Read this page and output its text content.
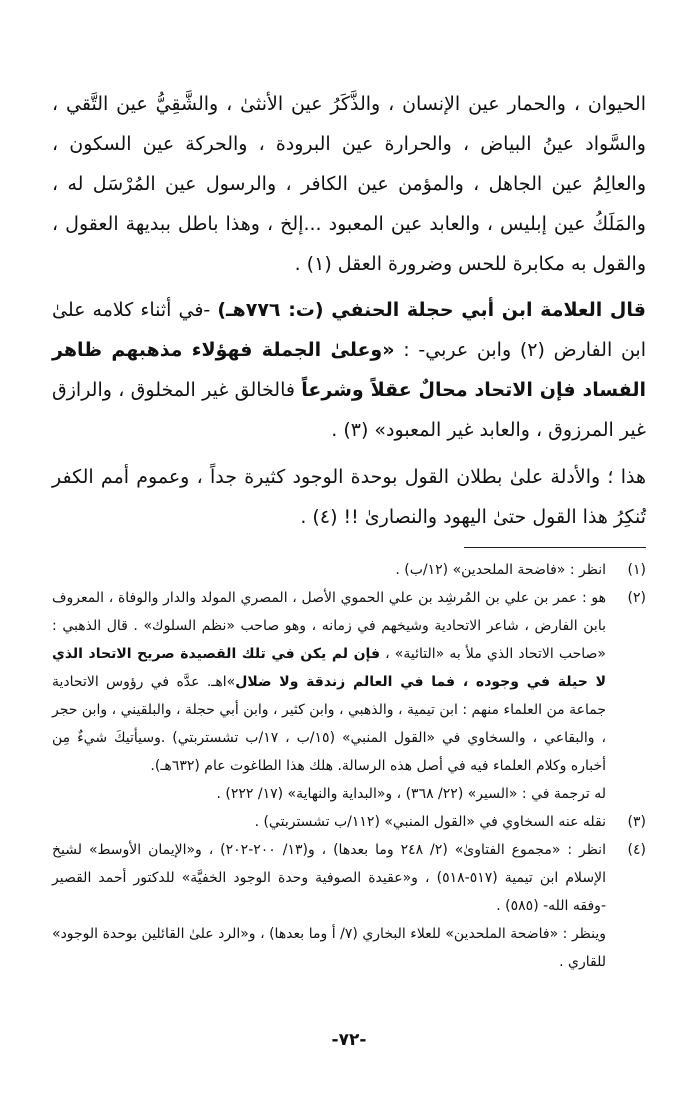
الحيوان ، والحمار عين الإنسان ، والذَّكَرُ عين الأنثىٰ ، والشَّقِيُّ عين التَّقي ، والسَّواد عينُ البياض ، والحرارة عين البرودة ، والحركة عين السكون ، والعالِمُ عين الجاهل ، والمؤمن عين الكافر ، والرسول عين المُرْسَل له ، والمَلَكُ عين إبليس ، والعابد عين المعبود ...إلخ ، وهذا باطل ببديهة العقول ، والقول به مكابرة للحس وضرورة العقل (١) .

قال العلامة ابن أبي حجلة الحنفي (ت: ٧٧٦هـ) -في أثناء كلامه علىٰ ابن الفارض (٢) وابن عربي- : «وعلىٰ الجملة فهؤلاء مذهبهم ظاهر الفساد فإن الاتحاد محالٌ عقلاً وشرعاً فالخالق غير المخلوق ، والرازق غير المرزوق ، والعابد غير المعبود» (٣) .

هذا ؛ والأدلة علىٰ بطلان القول بوحدة الوجود كثيرة جداً ، وعموم أمم الكفر تُنكِرُ هذا القول حتىٰ اليهود والنصارىٰ !! (٤) .

(١)
انظر : «فاضحة الملحدين» (١٢/ب) .
(٢)
هو : عمر بن علي بن المُرشِد بن علي الحموي الأصل ، المصري المولد والدار والوفاة ، المعروف بابن الفارض ، شاعر الاتحادية وشيخهم في زمانه ، وهو صاحب «نظم السلوك» . قال الذهبي : «صاحب الاتحاد الذي ملأ به «التائية» ، فإن لم يكن في تلك القصيدة صريح الاتحاد الذي لا حيلة في وجوده ، فما في العالم زندقة ولا ضلال»اهـ. عدَّه في رؤوس الاتحادية جماعة من العلماء منهم : ابن تيمية ، والذهبي ، وابن كثير ، وابن أبي حجلة ، والبلقيني ، وابن حجر ، والبقاعي ، والسخاوي في «القول المنبي» (١٥/ب ، ١٧/ب تشستربتي) .وسيأتيكَ شيءٌ مِن أخباره وكلام العلماء فيه في أصل هذه الرسالة. هلك هذا الطاغوت عام (٦٣٢هـ).

له ترجمة في : «السير» (٢٢/ ٣٦٨) ، و«البداية والنهاية» (١٧/ ٢٢٢) .

(٣)
نقله عنه السخاوي في «القول المنبي» (١١٢/ب تشستربتي) .
(٤)
انظر : «مجموع الفتاوىٰ» (٢/ ٢٤٨ وما بعدها) ، و(١٣/ ٢٠٠-٢٠٢) ، و«الإيمان الأوسط» لشيخ الإسلام ابن تيمية (٥١٧-٥١٨) ، و«عقيدة الصوفية وحدة الوجود الخفيَّة» للدكتور أحمد القصير -وفقه الله- (٥٨٥) .

وينظر : «فاضحة الملحدين» للعلاء البخاري (٧/ أ وما بعدها) ، و«الرد علىٰ القائلين بوحدة الوجود» للقاري .

-٧٢-
